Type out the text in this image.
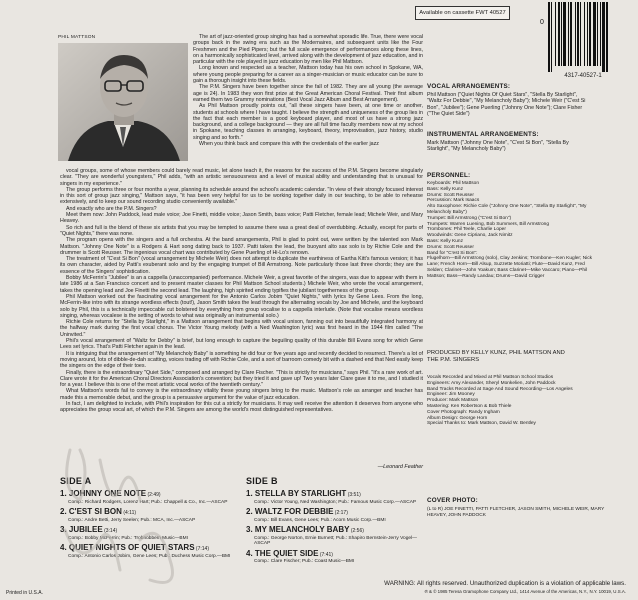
Available on cassette FWT 40527
0
4317-40527-1
PHIL MATTSON	The art of jazz-oriented group singing has had a somewhat sporadic life. True, there were vocal groups back in the swing era such as the Modernaires, and subsequent units like the Four Freshmen and the Pied Pipers; but the full scale emergence of performances along these lines, on a harmonically sophisticated level, arrived along with the development of jazz education, and in particular with the role played in jazz education by men like Phil Mattson.

Long known and respected as a teacher, Mattson today has his own school in Spokane, WA, where young people preparing for a career as a singer-musician or music educator can be sure to gain a thorough insight into these fields.

The P.M. Singers have been together since the fall of 1982. They are all young (the average age is 24). In 1983 they won first prize at the Great American Choral Festival. Their first album earned them two Grammy nominations (Best Vocal Jazz Album and Best Arrangement).

As Phil Mattson proudly points out, "all these singers have been, at one time or another, students at schools where I have taught. I believe the strength and uniqueness of the group lies in the fact that each member is a good keyboard player, and most of us have a strong jazz background, and a college background — they are all full time faculty members now at my school in Spokane, teaching classes in arranging, keyboard, theory, improvisation, jazz history, studio singing and so forth."

When you think back and compare this with the credentials of the earlier jazz

vocal groups, some of whose members could barely read music, let alone teach it, the reasons for the success of the P.M. Singers become singularly clear. "They are wonderful youngsters," Phil adds, "with an artistic sensuousness and a level of musical ability and understanding that is unusual for singers in my experience."

The group performs three or four months a year, planning its schedule around the school's academic calendar. "In view of their strongly focused interest in this sort of group jazz singing," Mattson says, "it has been very helpful for us to be working together daily in our teaching, to be able to rehearse extensively, and to keep our sound recording studio conveniently available."

And exactly who are the P.M. Singers?

Meet them now: John Paddock, lead male voice; Joe Finetti, middle voice; Jason Smith, bass voice; Patti Fletcher, female lead; Michele Weir, and Mary Heavey.

So rich and full is the blend of these six artists that you may be tempted to assume there was a great deal of overdubbing. Actually, except for parts of "Quiet Nights," there was none.

The program opens with the singers and a full orchestra. At the band arrangements, Phil is glad to point out, were written by the talented son Mark Mattson. "Johnny One Note" is a Rodgers & Hart song dating back to 1937. Patti takes the lead, the buoyant alto sax solo is by Richie Cole and the drummer is Scott Reusser. The ingenious vocal chart was contributed by Gene Puerling of Hi-Lo's renown.

The treatment of "C'est Si Bon" (vocal arrangement by Michele Weir) does not attempt to duplicate the earthiness of Eartha Kitt's famous version; it has its own character, aided by Patti's exuberant solo and by the engaging trumpet of Bill Armstrong. Note particularly those last three chords; they are the essence of the Singers' sophistication.

Bobby McFerrin's "Jubilee" is an a cappella (unaccompanied) performance. Michele Weir, a great favorite of the singers, was due to appear with them in late 1986 at a San Francisco concert and to present master classes for Phil Mattson School students.) Michele Weir, who wrote the vocal arrangement, takes the opening lead and Joe Finetti the second lead. The laughing, high spirited ending typifies the jubilant togetherness of the group.

Phil Mattson worked out the fascinating vocal arrangement for the Antonio Carlos Jobim "Quiet Nights," with lyrics by Gene Lees. From the long, McFerrin-like intro with its strange wordless effects (tout!), Jason Smith takes the lead through the alternating vocals by Joe and Michele, and the keyboard solo by Phil, this is a technically impeccable cut bolstered by everything from group vocalise to a cappella interlude. (Note that vocalise means wordless singing, whereas vocalese is the setting of words to what was originally an instrumental solo.)

Richie Cole returns for "Stella by Starlight," in a Mattson arrangement that begins with vocal unison, fanning out into beautifully integrated harmony at the halfway mark during the first vocal chorus. The Victor Young melody (with a Ned Washington lyric) was first heard in the 1944 film called "The Uninvited."

Phil's vocal arrangement of "Waltz for Debby" is brief, but long enough to capture the beguiling quality of this durable Bill Evans song for which Gene Lees set lyrics. That's Patti Fletcher again in the lead.

It is intriguing that the arrangement of "My Melancholy Baby" is something he did four or five years ago and recently decided to resurrect. There's a lot of moving around, lots of dibble-de-dah scatting, voices trading off with Richie Cole, and a sort of barroom comedy bit with a dashed end that Ned easily keep the singers on the edge of their toes.

Finally, there is the extraordinary "Quiet Side," composed and arranged by Clare Fischer. "This is strictly for musicians," says Phil. "It's a rare work of art. Clare wrote it for the American Choral Directors Association's convention; but they tried it and gave up! Two years later Clare gave it to me, and I studied it for a year. I believe this is one of the most artistic vocal works of the twentieth century."

What Mattson's words fail to convey is the extraordinary vitality these young singers bring to the music. Mattson's role as arranger and teacher has made this a memorable debut, and the group is a persuasive argument for the value of jazz education.

In fact, I am delighted to include, with Phil's inspiration for this cut a strictly for musicians. It may well receive the attention it deserves from anyone who appreciates the group vocal art, of which the P.M. Singers are among the world's most distinguished representatives.

—Leonard Feather
VOCAL ARRANGEMENTS:
Phil Mattson ("Quiet Nights Of Quiet Stars", "Stella By Starlight", "Waltz For Debbie", "My Melancholy Baby"); Michele Weir ("C'est Si Bon", "Jubilee"); Gene Puerling ("Johnny One Note"); Clare Fisher ("The Quiet Side")
INSTRUMENTAL ARRANGEMENTS:
Mark Mattson ("Johnny One Note", "C'est Si Bon", "Stella By Starlight", "My Melancholy Baby")
PERSONNEL:
Keyboards: Phil Mattson
Bass: Kelly Kunz
Drums: Scott Reusser
Percussion: Mark Isaacs
Alto Saxophone: Richie Cole ("Johnny One Note", "Stella By Starlight", "My Melancholy Baby")
Trumpet: Bill Armstrong ("C'est Si Bon")
Trumpets: Warren Luening, Bob Summers, Bill Armstrong
Trombones: Phil Teele, Charlie Loper
Woodwinds: Gene Cipriano, Jack Nimitz
Bass: Kelly Kunz
Drums: Scott Reusser
Band for "C'est Si Bon":
Flugelhorn—Bill Armstrong (solo), Clay Jenkins; Trombone—Ken Kugler; Nick Lane; French Horn—Bill Alsup, Suzzette Moriatti; Flute—David Kunz, Fred Selden; Clarinet—John Yoakum; Bass Clarinet—Mike Vaccaro; Piano—Phil Mattson; Bass—Randy Landau; Drums—David Crigger
PRODUCED BY KELLY KUNZ, PHIL MATTSON AND THE P.M. SINGERS
Vocals Recorded and Mixed at Phil Mattson School Studios
Engineers: Amy Alexander, Sheryl Monkelien, John Paddock
Band Tracks Recorded at Sage And Sound Recording—Los Angeles
Engineer: Jim Mooney
Producer: Mark Mattson
Mastering: Ken Robertson & Bob Thiele
Cover Photograph: Randy Ingham
Album Design: George Horn
Special Thanks to: Mark Mattson, David W. Bentley
COVER PHOTO:
(L to R) JOE FINETTI, PATTI FLETCHER, JASON SMITH, MICHELE WEIR, MARY HEAVEY, JOHN PADDOCK
SIDE A
1. JOHNNY ONE NOTE (2:49)
Comp.: Richard Rodgers, Lorenz Hart; Pub.: Chappell & Co., Inc.—ASCAP
2. C'EST SI BON (4:11)
Comp.: Andre Betti, Jerry Seelen; Pub.: MCA, Inc.—ASCAP
3. JUBILEE (3:14)
Comp.: Bobby McFerrin; Pub.: Trobnobbem Music—BMI
4. QUIET NIGHTS OF QUIET STARS (7:14)
Comp.: Antonio Carlos Jobim, Gene Lees; Pub.: Duchess Music Corp.—BMI
SIDE B
1. STELLA BY STARLIGHT (3:51)
Comp.: Victor Young, Ned Washington; Pub.: Famous Music Corp.—ASCAP
2. WALTZ FOR DEBBIE (2:17)
Comp.: Bill Evans, Gene Lees; Pub.: Acorn Music Corp.—BMI
3. MY MELANCHOLY BABY (2:56)
Comp.: George Norton, Ernie Burnett; Pub.: Shapiro Bernstein-Jerry Vogel—ASCAP
4. THE QUIET SIDE (7:41)
Comp.: Clare Fischer; Pub.: Coast Music—BMI
WARNING: All rights reserved. Unauthorized duplication is a violation of applicable laws.
℗ & © 1985 Teresa Gramophone Company Ltd., 1414 Avenue of the Americas, N.Y., N.Y. 10019, U.S.A.
Printed in U.S.A.
